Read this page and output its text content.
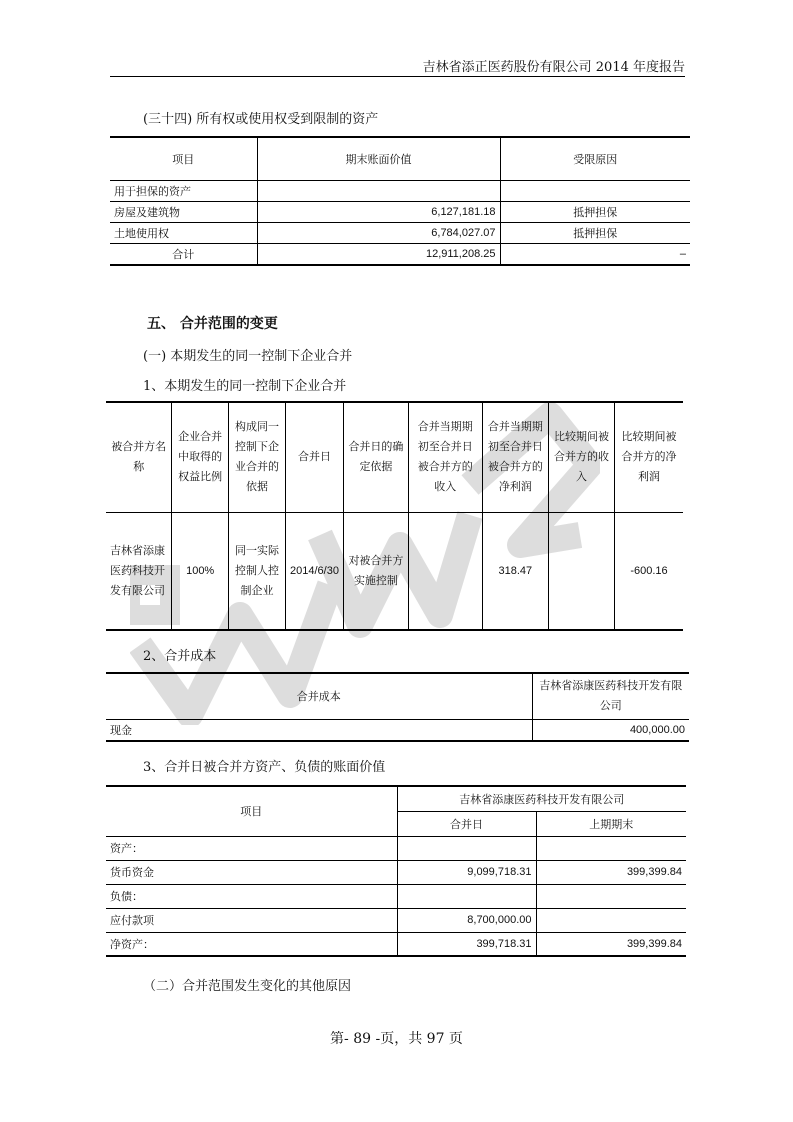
吉林省添正医药股份有限公司 2014 年度报告
(三十四) 所有权或使用权受到限制的资产
项目	期末账面价值	受限原因
用于担保的资产		
房屋及建筑物	6,127,181.18	抵押担保
土地使用权	6,784,027.07	抵押担保
合计	12,911,208.25	–
五、 合并范围的变更
(一) 本期发生的同一控制下企业合并
1、本期发生的同一控制下企业合并
被合并方名称	企业合并中取得的权益比例	构成同一控制下企业合并的依据	合并日	合并日的确定依据	合并当期期初至合并日被合并方的收入	合并当期期初至合并日被合并方的净利润	比较期间被合并方的收入	比较期间被合并方的净利润
吉林省添康医药科技开发有限公司	100%	同一实际控制人控制企业	2014/6/30	对被合并方实施控制		318.47		-600.16
2、合并成本
合并成本	吉林省添康医药科技开发有限公司
现金	400,000.00
3、合并日被合并方资产、负债的账面价值
项目	吉林省添康医药科技开发有限公司	
	合并日	上期期末
资产：		
货币资金	9,099,718.31	399,399.84
负债：		
应付款项	8,700,000.00	
净资产：	399,718.31	399,399.84
（二）合并范围发生变化的其他原因
第- 89 -页，共 97 页
